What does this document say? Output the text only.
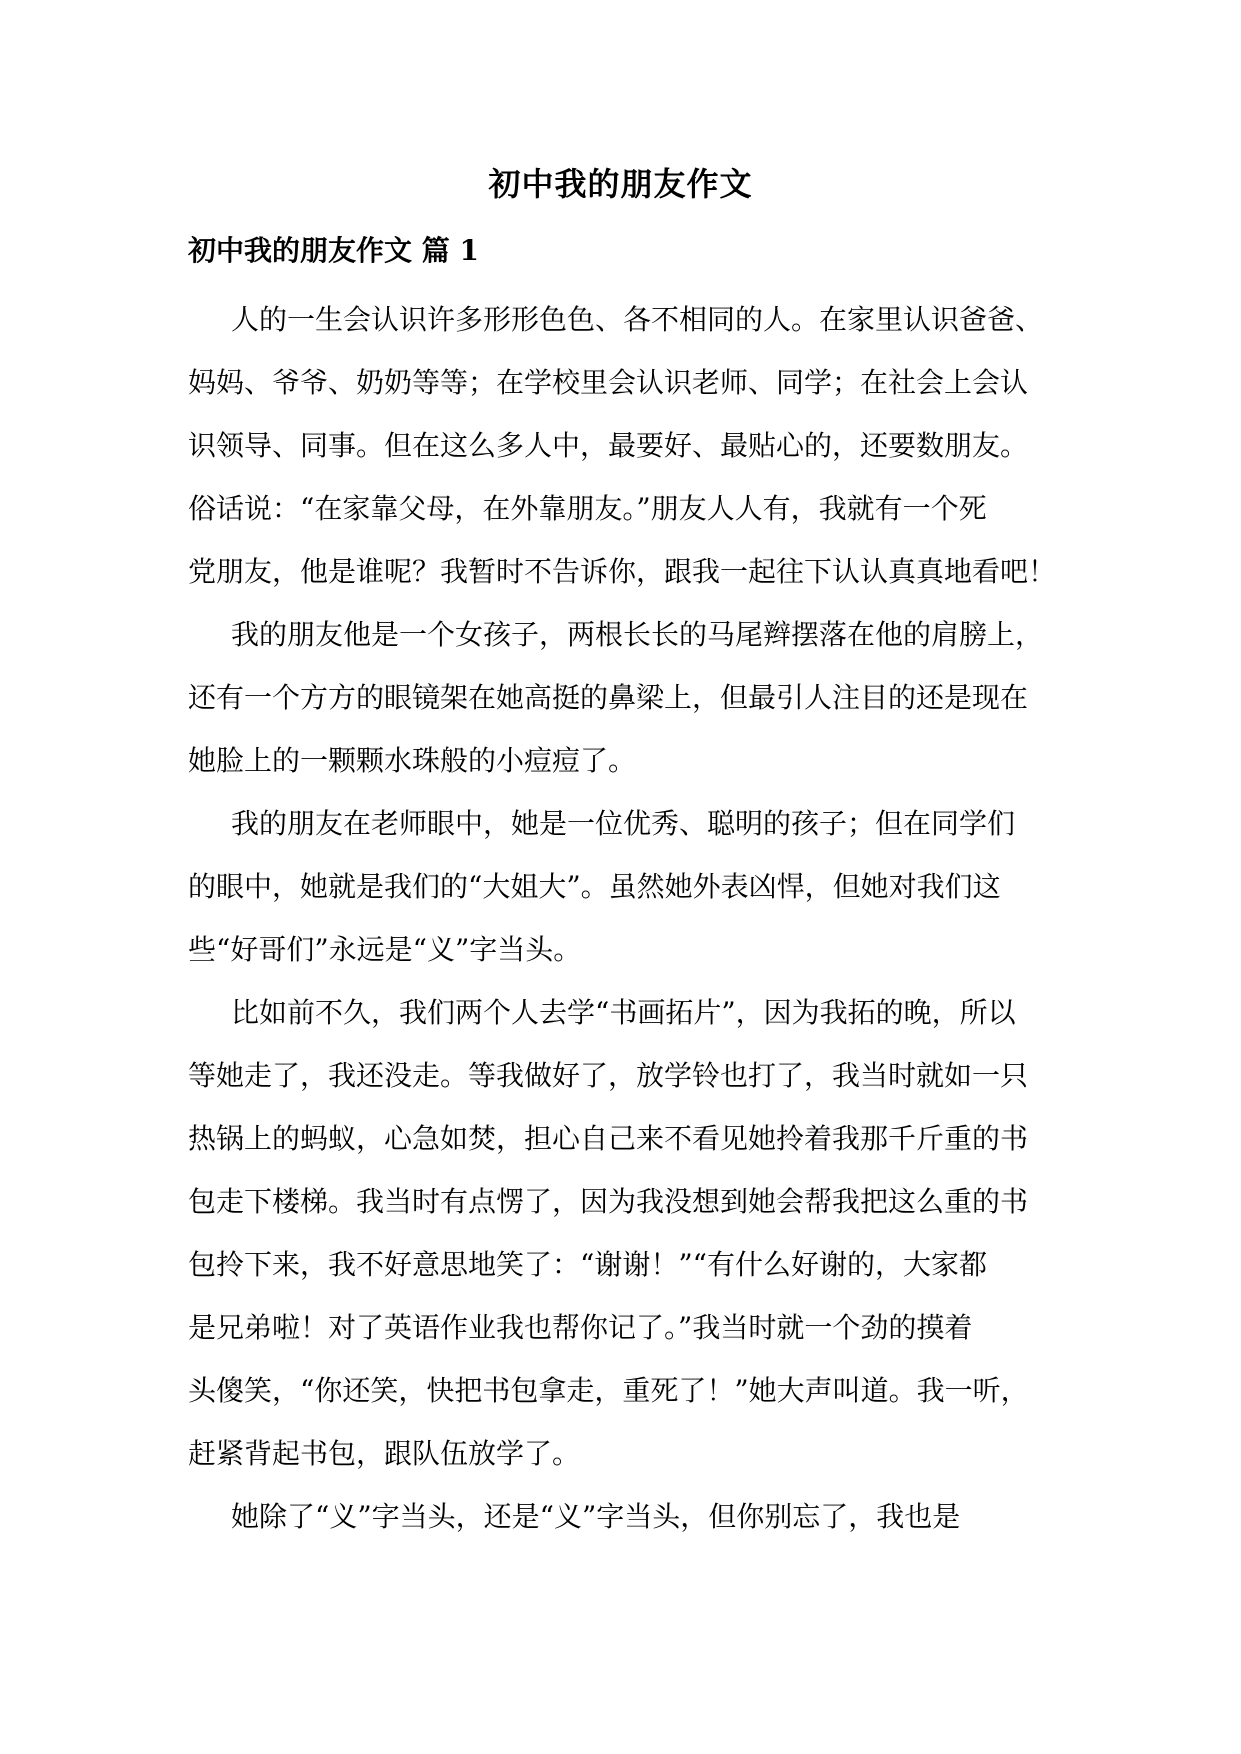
初中我的朋友作文
初中我的朋友作文 篇 1

人的一生会认识许多形形色色、各不相同的人。在家里认识爸爸、
妈妈、爷爷、奶奶等等；在学校里会认识老师、同学；在社会上会认
识领导、同事。但在这么多人中，最要好、最贴心的，还要数朋友。
俗话说：“在家靠父母，在外靠朋友。”朋友人人有，我就有一个死
党朋友，他是谁呢？我暂时不告诉你，跟我一起往下认认真真地看吧！

我的朋友他是一个女孩子，两根长长的马尾辫摆落在他的肩膀上，
还有一个方方的眼镜架在她高挺的鼻梁上，但最引人注目的还是现在
她脸上的一颗颗水珠般的小痘痘了。

我的朋友在老师眼中，她是一位优秀、聪明的孩子；但在同学们
的眼中，她就是我们的“大姐大”。虽然她外表凶悍，但她对我们这
些“好哥们”永远是“义”字当头。

比如前不久，我们两个人去学“书画拓片”，因为我拓的晚，所以
等她走了，我还没走。等我做好了，放学铃也打了，我当时就如一只
热锅上的蚂蚁，心急如焚，担心自己来不看见她拎着我那千斤重的书
包走下楼梯。我当时有点愣了，因为我没想到她会帮我把这么重的书
包拎下来，我不好意思地笑了：“谢谢！”“有什么好谢的，大家都
是兄弟啦！对了英语作业我也帮你记了。”我当时就一个劲的摸着
头傻笑，“你还笑，快把书包拿走，重死了！”她大声叫道。我一听，
赶紧背起书包，跟队伍放学了。

她除了“义”字当头，还是“义”字当头，但你别忘了，我也是
